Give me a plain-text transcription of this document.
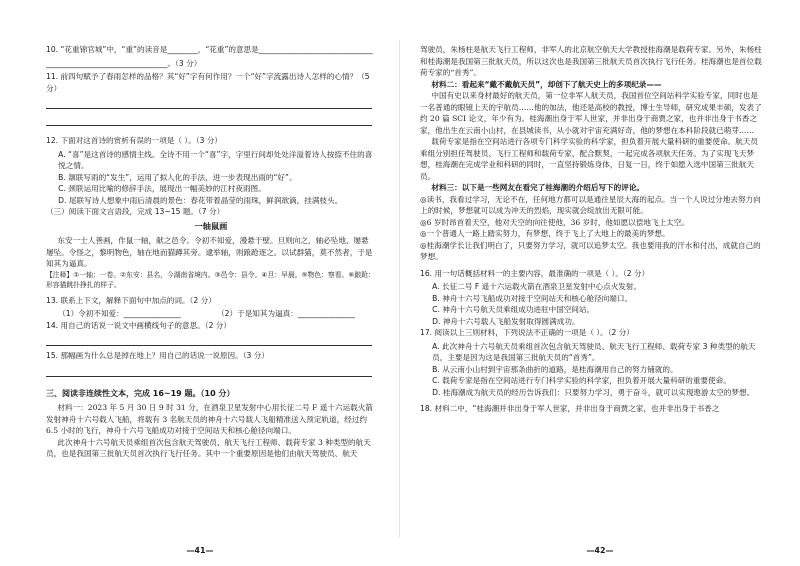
10. “花重锦官城”中，“重”的读音是________，“花重”的意思是______________________________

________________________________。（3 分）

11. 前四句赋予了春雨怎样的品格？其“好”字有何作用？一个“好”字流露出诗人怎样的心情？（5 分）

12. 下面对这首诗的赏析有误的一项是（ ）。（3 分）

A. “喜”是这首诗的感情主线。全诗不用一个“喜”字，字里行间却处处洋溢着诗人按捺不住的喜悦之情。

B. 颔联写雨的“发生”，运用了拟人化的手法，进一步表现出雨的“好”。

C. 颈联运用比喻的修辞手法，展现出一幅美妙的江村夜雨图。

D. 尾联写诗人想象中雨后清晨的景色：春花带着晶莹的雨珠，鲜润欲滴，挂满枝头。

（三）阅读下面文言语段，完成 13~15 题。（7 分）

一轴鼠画

东安一士人善画，作鼠一轴，献之邑令。令初不知爱，漫悬于壁。旦则向之，轴必坠地，屡悬屡坠。令怪之，黎明物色，轴在地而猫蹲其旁。逮举轴，则踉跄逐之。以试群猫，莫不然者，于是知其为逼真。

【注释】①一轴：一卷。②东安：县名，今湖南省境内。③邑令：县令。④旦：早晨。⑤物色：察看。⑥踉跄：形容猫跳扑挣扎的样子。

13. 联系上下文，解释下面句中加点的词。（2 分）

（1）令初不知爱：_______________	（2）于是知其为逼真：_______________

14. 用自己的话说一说文中画横线句子的意思。（2 分）

15. 那幅画为什么总是掉在地上？用自己的话说一说原因。（3 分）

三、阅读非连续性文本，完成 16~19 题。（10 分）

材料一：2023 年 5 月 30 日 9 时 31 分，在酒泉卫星发射中心用长征二号 F 遥十六运载火箭发射神舟十六号载人飞船，将载有 3 名航天员的神舟十六号载人飞船精准送入预定轨道，经过约 6.5 小时的飞行，神舟十六号飞船成功对接于空间站天和核心舱径向端口。

此次神舟十六号航天员乘组首次包含航天驾驶员、航天飞行工程师、载荷专家 3 种类型的航天员，也是我国第三批航天员首次执行飞行任务。其中一个重要原因是他们由航天驾驶员、航天

—41—

驾驶员，朱杨柱是航天飞行工程师，非军人的北京航空航天大学教授桂海潮是载荷专家。另外，朱杨柱和桂海潮是我国第三批航天员，所以这次也是我国第三批航天员首次执行飞行任务。桂海潮也是首位载荷专家的“首秀”。

材料二：看起来“戴不戴航天员”，却创下了航天史上的多项纪录——

中国有史以来身材最好的航天员，第一位非军人航天员，我国首位空间站科学实验专家，同时也是一名普通的眼镜上天的宇航员……他的加法，他还是高校的教授，博士生导师，研究成果丰硕，发表了约 20 篇 SCI 论文，年少有为。桂海潮出身于军人世家，并非出身于商贾之家，也并非出身于书香之家，他出生在云南小山村，在县城读书，从小就对宇宙充满好奇，他的梦想在本科阶段就已萌芽……

载荷专家是指在空间站进行各项专门科学实验的科学家，担负着开展大量科研的重要使命。航天员乘组分别担任驾驶员、飞行工程师和载荷专家，配合默契，一起完成各项航天任务。为了实现飞天梦想，桂海潮在完成学业和科研的同时，一直坚持锻炼身体，日复一日，终于如愿入选中国第三批航天员。

材料三：以下是一些网友在看完了桂海潮的介绍后写下的评论。

◎读书，我看过学习，无论不在，任何地方都可以是通往星辰大海的起点。当一个人说过分地去努力向上的时候，梦想就可以成为冲天的烈焰，现实就会绽放出无限可能。

◎6 岁时昂首着天空，他对天空的向往使他，36 岁时，他如愿以偿地飞上太空。

◎一个普通人一路上踏实努力，有梦想，终于飞上了大地上的最美的梦想。

◎桂海潮学长让我们明白了，只要努力学习，就可以追梦太空。我也要用我的汗水和付出，成就自己的梦想。

16. 用一句话概括材料一的主要内容，最准确的一项是（ ）。（2 分）

A. 长征二号 F 遥十六运载火箭在酒泉卫星发射中心点火发射。

B. 神舟十六号飞船成功对接于空间站天和核心舱径向端口。

C. 神舟十六号航天员乘组成功进驻中国空间站。

D. 神舟十六号载人飞船发射取得圆满成功。

17. 阅读以上三则材料，下列说法不正确的一项是（ ）。（2 分）

A. 此次神舟十六号航天员乘组首次包含航天驾驶员、航天飞行工程师、载荷专家 3 种类型的航天员，主要是因为这是我国第三批航天员的“首秀”。

B. 从云南小山村到宇宙那条曲折的道路，是桂海潮用自己的努力铺就的。

C. 载荷专家是指在空间站进行专门科学实验的科学家，担负着开展大量科研的重要使命。

D. 桂海潮成为航天员的经历告诉我们：只要努力学习，勇于奋斗，就可以实现遨游太空的梦想。

18. 材料二中，“桂海潮并非出身于军人世家，并非出身于商贾之家，也并非出身于书香之

—42—
